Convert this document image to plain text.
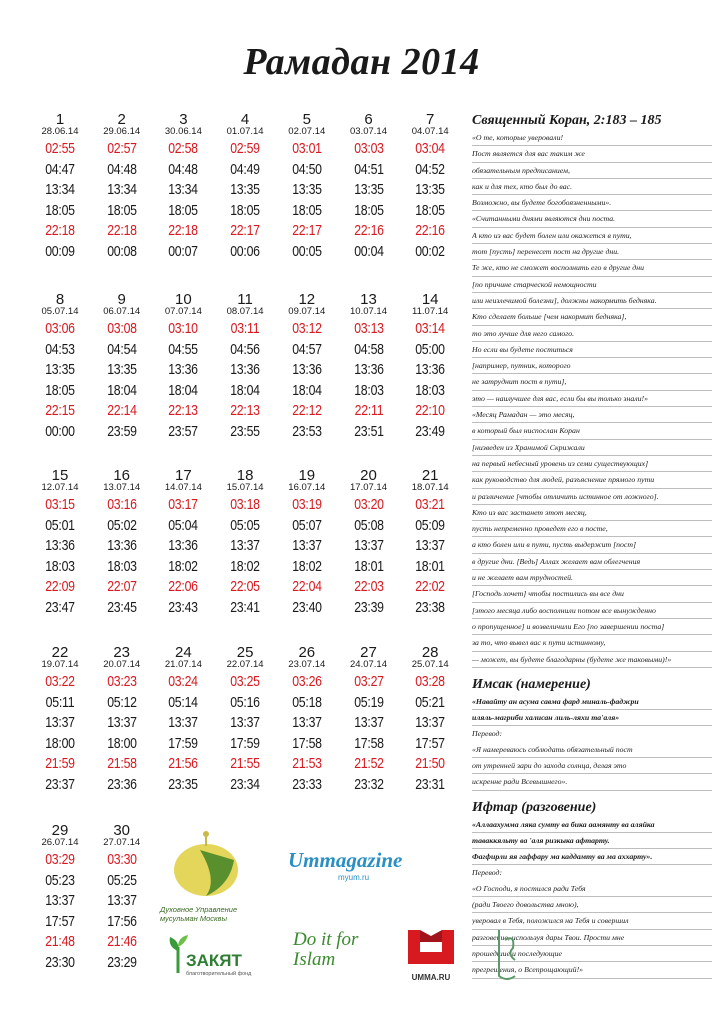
Рамадан 2014
1
28.06.14
02:55
04:47
13:34
18:05
22:18
00:09
2
29.06.14
02:57
04:48
13:34
18:05
22:18
00:08
3
30.06.14
02:58
04:48
13:34
18:05
22:18
00:07
4
01.07.14
02:59
04:49
13:35
18:05
22:17
00:06
5
02.07.14
03:01
04:50
13:35
18:05
22:17
00:05
6
03.07.14
03:03
04:51
13:35
18:05
22:16
00:04
7
04.07.14
03:04
04:52
13:35
18:05
22:16
00:02
8
05.07.14
03:06
04:53
13:35
18:05
22:15
00:00
9
06.07.14
03:08
04:54
13:35
18:04
22:14
23:59
10
07.07.14
03:10
04:55
13:36
18:04
22:13
23:57
11
08.07.14
03:11
04:56
13:36
18:04
22:13
23:55
12
09.07.14
03:12
04:57
13:36
18:04
22:12
23:53
13
10.07.14
03:13
04:58
13:36
18:03
22:11
23:51
14
11.07.14
03:14
05:00
13:36
18:03
22:10
23:49
15
12.07.14
03:15
05:01
13:36
18:03
22:09
23:47
16
13.07.14
03:16
05:02
13:36
18:03
22:07
23:45
17
14.07.14
03:17
05:04
13:36
18:02
22:06
23:43
18
15.07.14
03:18
05:05
13:37
18:02
22:05
23:41
19
16.07.14
03:19
05:07
13:37
18:02
22:04
23:40
20
17.07.14
03:20
05:08
13:37
18:01
22:03
23:39
21
18.07.14
03:21
05:09
13:37
18:01
22:02
23:38
22
19.07.14
03:22
05:11
13:37
18:00
21:59
23:37
23
20.07.14
03:23
05:12
13:37
18:00
21:58
23:36
24
21.07.14
03:24
05:14
13:37
17:59
21:56
23:35
25
22.07.14
03:25
05:16
13:37
17:59
21:55
23:34
26
23.07.14
03:26
05:18
13:37
17:58
21:53
23:33
27
24.07.14
03:27
05:19
13:37
17:58
21:52
23:32
28
25.07.14
03:28
05:21
13:37
17:57
21:50
23:31
29
26.07.14
03:29
05:23
13:37
17:57
21:48
23:30
30
27.07.14
03:30
05:25
13:37
17:56
21:46
23:29
Священный Коран, 2:183 – 185
«О те, которые уверовали!
Пост является для вас таким же
обязательным предписанием,
как и для тех, кто был до вас.
Возможно, вы будете богобоязненными».
«Считанными днями являются дни поста.
А кто из вас будет болен или окажется в пути,
тот [пусть] перенесет пост на другие дни.
Те же, кто не сможет восполнить его в другие дни
[по причине старческой немощности
или неизлечимой болезни], должны накормить бедняка.
Кто сделает больше [чем накормит бедняка],
то это лучше для него самого.
Но если вы будете поститься
[например, путник, которого
не затруднит пост в пути],
это — наилучшее для вас, если бы вы только знали!»
«Месяц Рамадан — это месяц,
в который был ниспослан Коран
[низведен из Хранимой Скрижали
на первый небесный уровень из семи существующих]
как руководство для людей, разъяснение прямого пути
и различение [чтобы отличить истинное от ложного].
Кто из вас застанет этот месяц,
пусть непременно проведет его в посте,
а кто болен или в пути, пусть выдержит [пост]
в другие дни. [Ведь] Аллах желает вам облегчения
и не желает вам трудностей.
[Господь хочет] чтобы постились вы все дни
[этого месяца либо восполнили потом все вынужденно
о пропущенное] и возвеличили Его [по завершении поста]
за то, что вывел вас к пути истинному,
— может, вы будете благодарны (будете же таковыми)!»
Имсак (намерение)
«Навайту ан асума савма фард миналь-фаджри
иляль-магриби халисан лиль-ляхи та'аля»
Перевод:
«Я намереваюсь соблюдать обязательный пост
от утренней зари до захода солнца, делая это
искренне ради Всевышнего».
Ифтар (разговение)
«Аллаахумма ляка сумту ва бика аамянту ва аляйка
таваккяльту ва 'аля ризкыка афтарту.
Фагфирли яя гаффару ма каддамту ва ма аххарту».
Перевод:
«О Господи, я постился ради Тебя
(ради Твоего довольства мною),
уверовал в Тебя, положился на Тебя и совершил
разговение, используя дары Твои. Прости мне
прошедшие и последующие
прегрешения, о Всепрощающий!»
Духовное Управление мусульман Москвы
Ummagazine
myum.ru
ЗАКЯТ
благотворительный фонд
Do it for Islam
UMMA.RU
